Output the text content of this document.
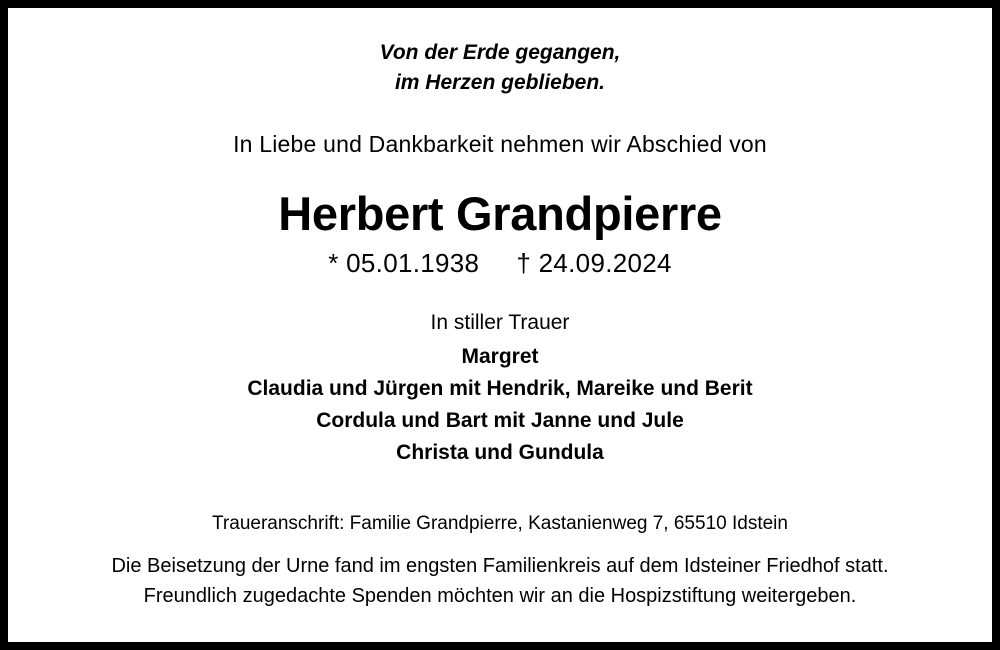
Von der Erde gegangen,
im Herzen geblieben.
In Liebe und Dankbarkeit nehmen wir Abschied von
Herbert Grandpierre
* 05.01.1938 † 24.09.2024
In stiller Trauer
Margret
Claudia und Jürgen mit Hendrik, Mareike und Berit
Cordula und Bart mit Janne und Jule
Christa und Gundula
Traueranschrift: Familie Grandpierre, Kastanienweg 7, 65510 Idstein
Die Beisetzung der Urne fand im engsten Familienkreis auf dem Idsteiner Friedhof statt.
Freundlich zugedachte Spenden möchten wir an die Hospizstiftung weitergeben.
